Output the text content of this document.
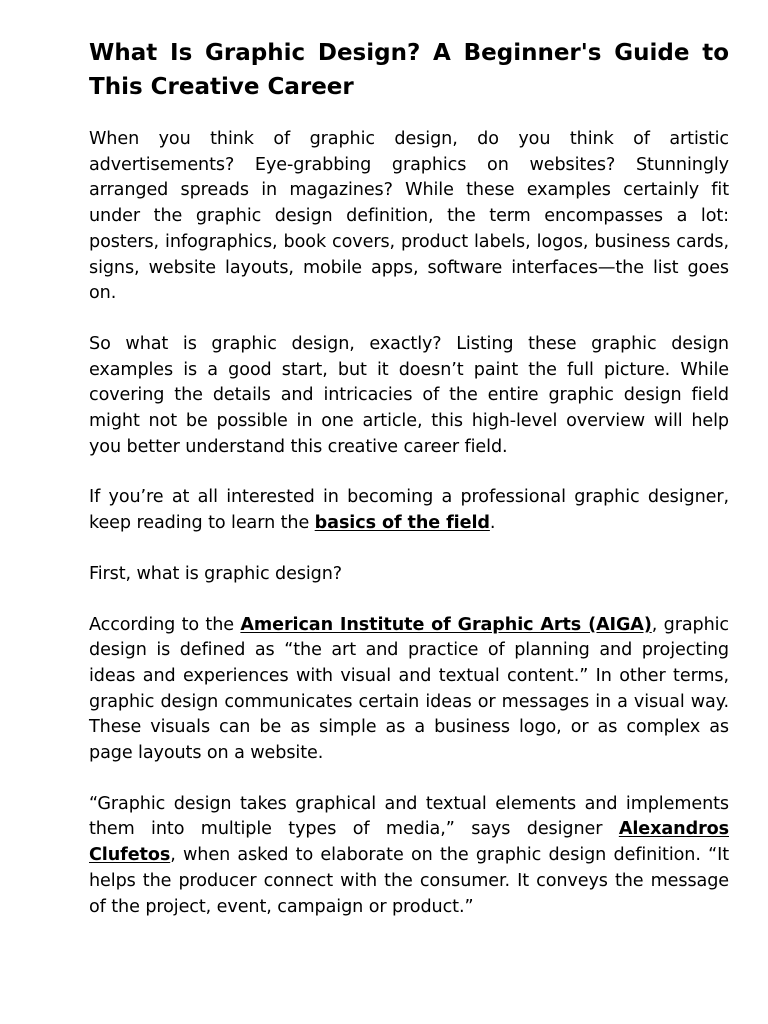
What Is Graphic Design? A Beginner's Guide to This Creative Career

When you think of graphic design, do you think of artistic advertisements? Eye-grabbing graphics on websites? Stunningly arranged spreads in magazines? While these examples certainly fit under the graphic design definition, the term encompasses a lot: posters, infographics, book covers, product labels, logos, business cards, signs, website layouts, mobile apps, software interfaces—the list goes on.

So what is graphic design, exactly? Listing these graphic design examples is a good start, but it doesn’t paint the full picture. While covering the details and intricacies of the entire graphic design field might not be possible in one article, this high-level overview will help you better understand this creative career field.

If you’re at all interested in becoming a professional graphic designer, keep reading to learn the basics of the field.

First, what is graphic design?

According to the American Institute of Graphic Arts (AIGA), graphic design is defined as “the art and practice of planning and projecting ideas and experiences with visual and textual content.” In other terms, graphic design communicates certain ideas or messages in a visual way. These visuals can be as simple as a business logo, or as complex as page layouts on a website.

“Graphic design takes graphical and textual elements and implements them into multiple types of media,” says designer Alexandros Clufetos, when asked to elaborate on the graphic design definition. “It helps the producer connect with the consumer. It conveys the message of the project, event, campaign or product.”
